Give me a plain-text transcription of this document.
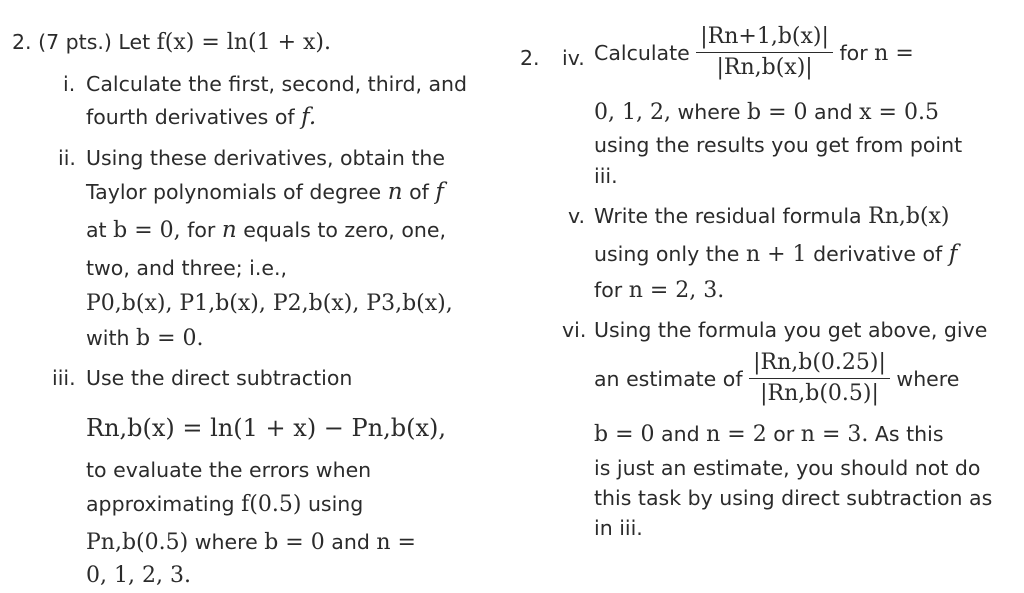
2. (7 pts.) Let f(x) = ln(1 + x).
i. Calculate the first, second, third, and
fourth derivatives of f.
ii. Using these derivatives, obtain the
Taylor polynomials of degree n of f
at b = 0, for n equals to zero, one,
two, and three; i.e.,
P0,b(x), P1,b(x), P2,b(x), P3,b(x),
with b = 0.
iii. Use the direct subtraction
Rn,b(x) = ln(1 + x) − Pn,b(x),
to evaluate the errors when
approximating f(0.5) using
Pn,b(0.5) where b = 0 and n =
0, 1, 2, 3.
2. iv. Calculate $\frac{|Rn+1,b(x)|}{|Rn,b(x)|}$ for n =
0, 1, 2, where b = 0 and x = 0.5
using the results you get from point
iii.
v. Write the residual formula Rn,b(x)
using only the n + 1 derivative of f
for n = 2, 3.
vi. Using the formula you get above, give
an estimate of $\frac{|Rn,b(0.25)|}{|Rn,b(0.5)|}$ where
b = 0 and n = 2 or n = 3. As this
is just an estimate, you should not do
this task by using direct subtraction as
in iii.
